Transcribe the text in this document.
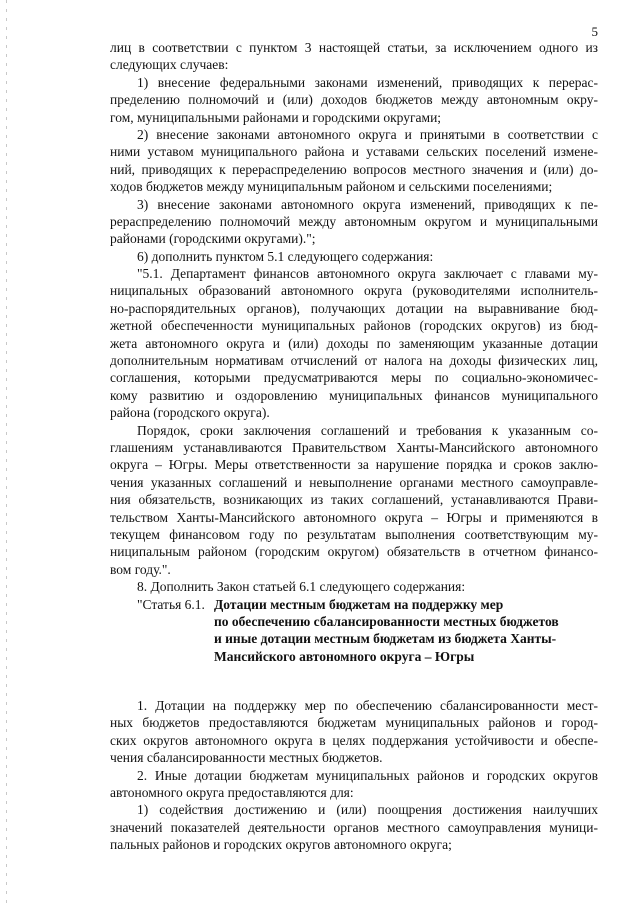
5
лиц в соответствии с пунктом 3 настоящей статьи, за исключением одного из
следующих случаев:
1) внесение федеральными законами изменений, приводящих к перерас-
пределению полномочий и (или) доходов бюджетов между автономным окру-
гом, муниципальными районами и городскими округами;
2) внесение законами автономного округа и принятыми в соответствии с
ними уставом муниципального района и уставами сельских поселений измене-
ний, приводящих к перераспределению вопросов местного значения и (или) до-
ходов бюджетов между муниципальным районом и сельскими поселениями;
3) внесение законами автономного округа изменений, приводящих к пе-
рераспределению полномочий между автономным округом и муниципальными
районами (городскими округами).";
6) дополнить пунктом 5.1 следующего содержания:
"5.1. Департамент финансов автономного округа заключает с главами му-
ниципальных образований автономного округа (руководителями исполнитель-
но-распорядительных органов), получающих дотации на выравнивание бюд-
жетной обеспеченности муниципальных районов (городских округов) из бюд-
жета автономного округа и (или) доходы по заменяющим указанные дотации
дополнительным нормативам отчислений от налога на доходы физических лиц,
соглашения, которыми предусматриваются меры по социально-экономичес-
кому развитию и оздоровлению муниципальных финансов муниципального
района (городского округа).
Порядок, сроки заключения соглашений и требования к указанным со-
глашениям устанавливаются Правительством Ханты-Мансийского автономного
округа – Югры. Меры ответственности за нарушение порядка и сроков заклю-
чения указанных соглашений и невыполнение органами местного самоуправле-
ния обязательств, возникающих из таких соглашений, устанавливаются Прави-
тельством Ханты-Мансийского автономного округа – Югры и применяются в
текущем финансовом году по результатам выполнения соответствующим му-
ниципальным районом (городским округом) обязательств в отчетном финансо-
вом году.".
8. Дополнить Закон статьей 6.1 следующего содержания:
"Статья 6.1. Дотации местным бюджетам на поддержку мер
по обеспечению сбалансированности местных бюджетов
и иные дотации местным бюджетам из бюджета Ханты-
Мансийского автономного округа – Югры
1. Дотации на поддержку мер по обеспечению сбалансированности мест-
ных бюджетов предоставляются бюджетам муниципальных районов и город-
ских округов автономного округа в целях поддержания устойчивости и обеспе-
чения сбалансированности местных бюджетов.
2. Иные дотации бюджетам муниципальных районов и городских округов
автономного округа предоставляются для:
1) содействия достижению и (или) поощрения достижения наилучших
значений показателей деятельности органов местного самоуправления муници-
пальных районов и городских округов автономного округа;
